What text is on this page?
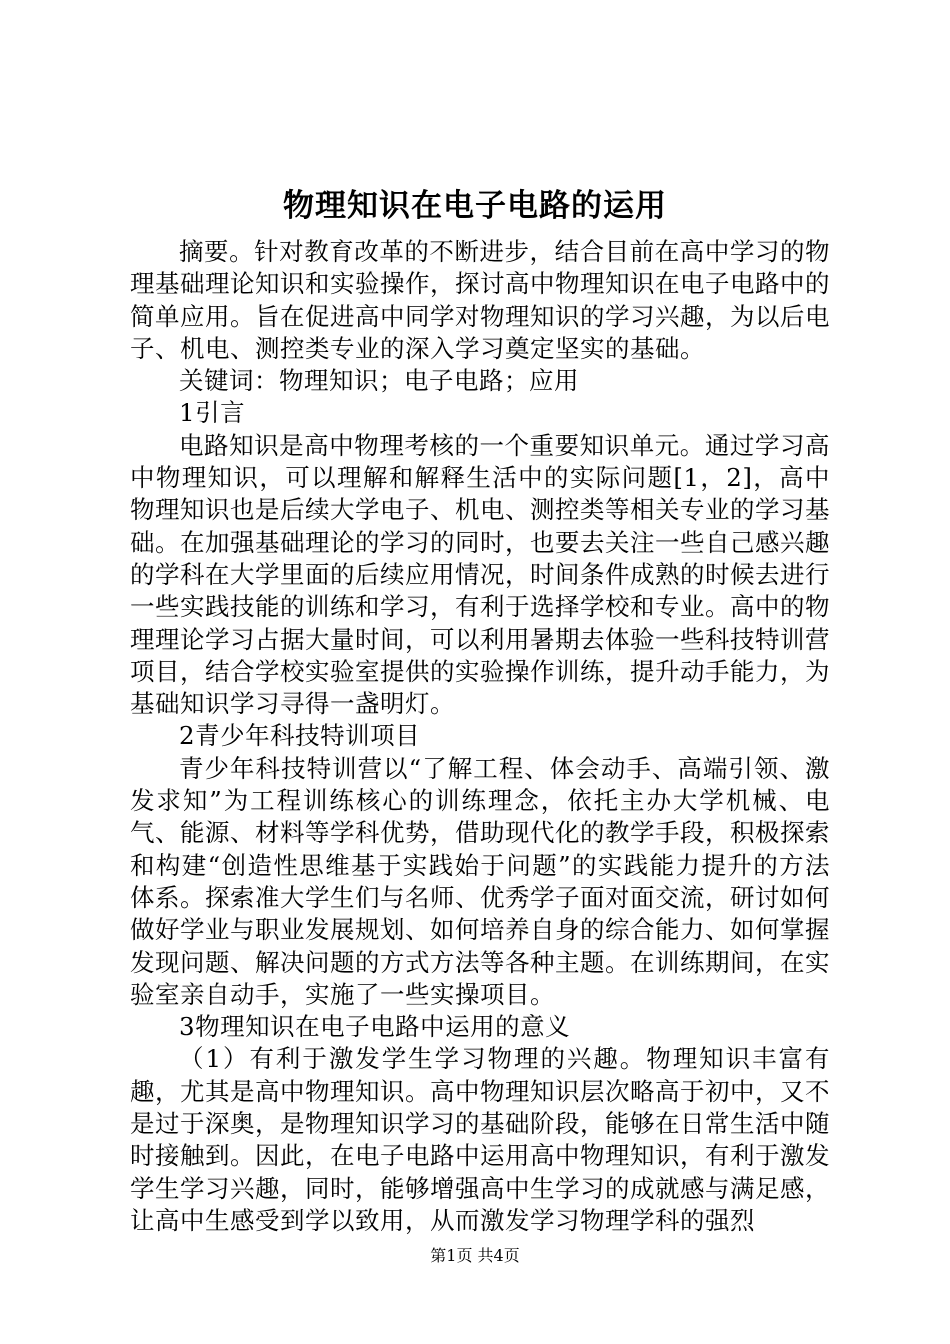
物理知识在电子电路的运用

摘要。针对教育改革的不断进步，结合目前在高中学习的物理基础理论知识和实验操作，探讨高中物理知识在电子电路中的简单应用。旨在促进高中同学对物理知识的学习兴趣，为以后电子、机电、测控类专业的深入学习奠定坚实的基础。

关键词：物理知识；电子电路；应用

1引言

电路知识是高中物理考核的一个重要知识单元。通过学习高中物理知识，可以理解和解释生活中的实际问题[1，2]，高中物理知识也是后续大学电子、机电、测控类等相关专业的学习基础。在加强基础理论的学习的同时，也要去关注一些自己感兴趣的学科在大学里面的后续应用情况，时间条件成熟的时候去进行一些实践技能的训练和学习，有利于选择学校和专业。高中的物理理论学习占据大量时间，可以利用暑期去体验一些科技特训营项目，结合学校实验室提供的实验操作训练，提升动手能力，为基础知识学习寻得一盏明灯。

2青少年科技特训项目

青少年科技特训营以“了解工程、体会动手、高端引领、激发求知”为工程训练核心的训练理念，依托主办大学机械、电气、能源、材料等学科优势，借助现代化的教学手段，积极探索和构建“创造性思维基于实践始于问题”的实践能力提升的方法体系。探索准大学生们与名师、优秀学子面对面交流，研讨如何做好学业与职业发展规划、如何培养自身的综合能力、如何掌握发现问题、解决问题的方式方法等各种主题。在训练期间，在实验室亲自动手，实施了一些实操项目。

3物理知识在电子电路中运用的意义

（1）有利于激发学生学习物理的兴趣。物理知识丰富有趣，尤其是高中物理知识。高中物理知识层次略高于初中，又不是过于深奥，是物理知识学习的基础阶段，能够在日常生活中随时接触到。因此，在电子电路中运用高中物理知识，有利于激发学生学习兴趣，同时，能够增强高中生学习的成就感与满足感，让高中生感受到学以致用，从而激发学习物理学科的强烈

第1页 共4页
